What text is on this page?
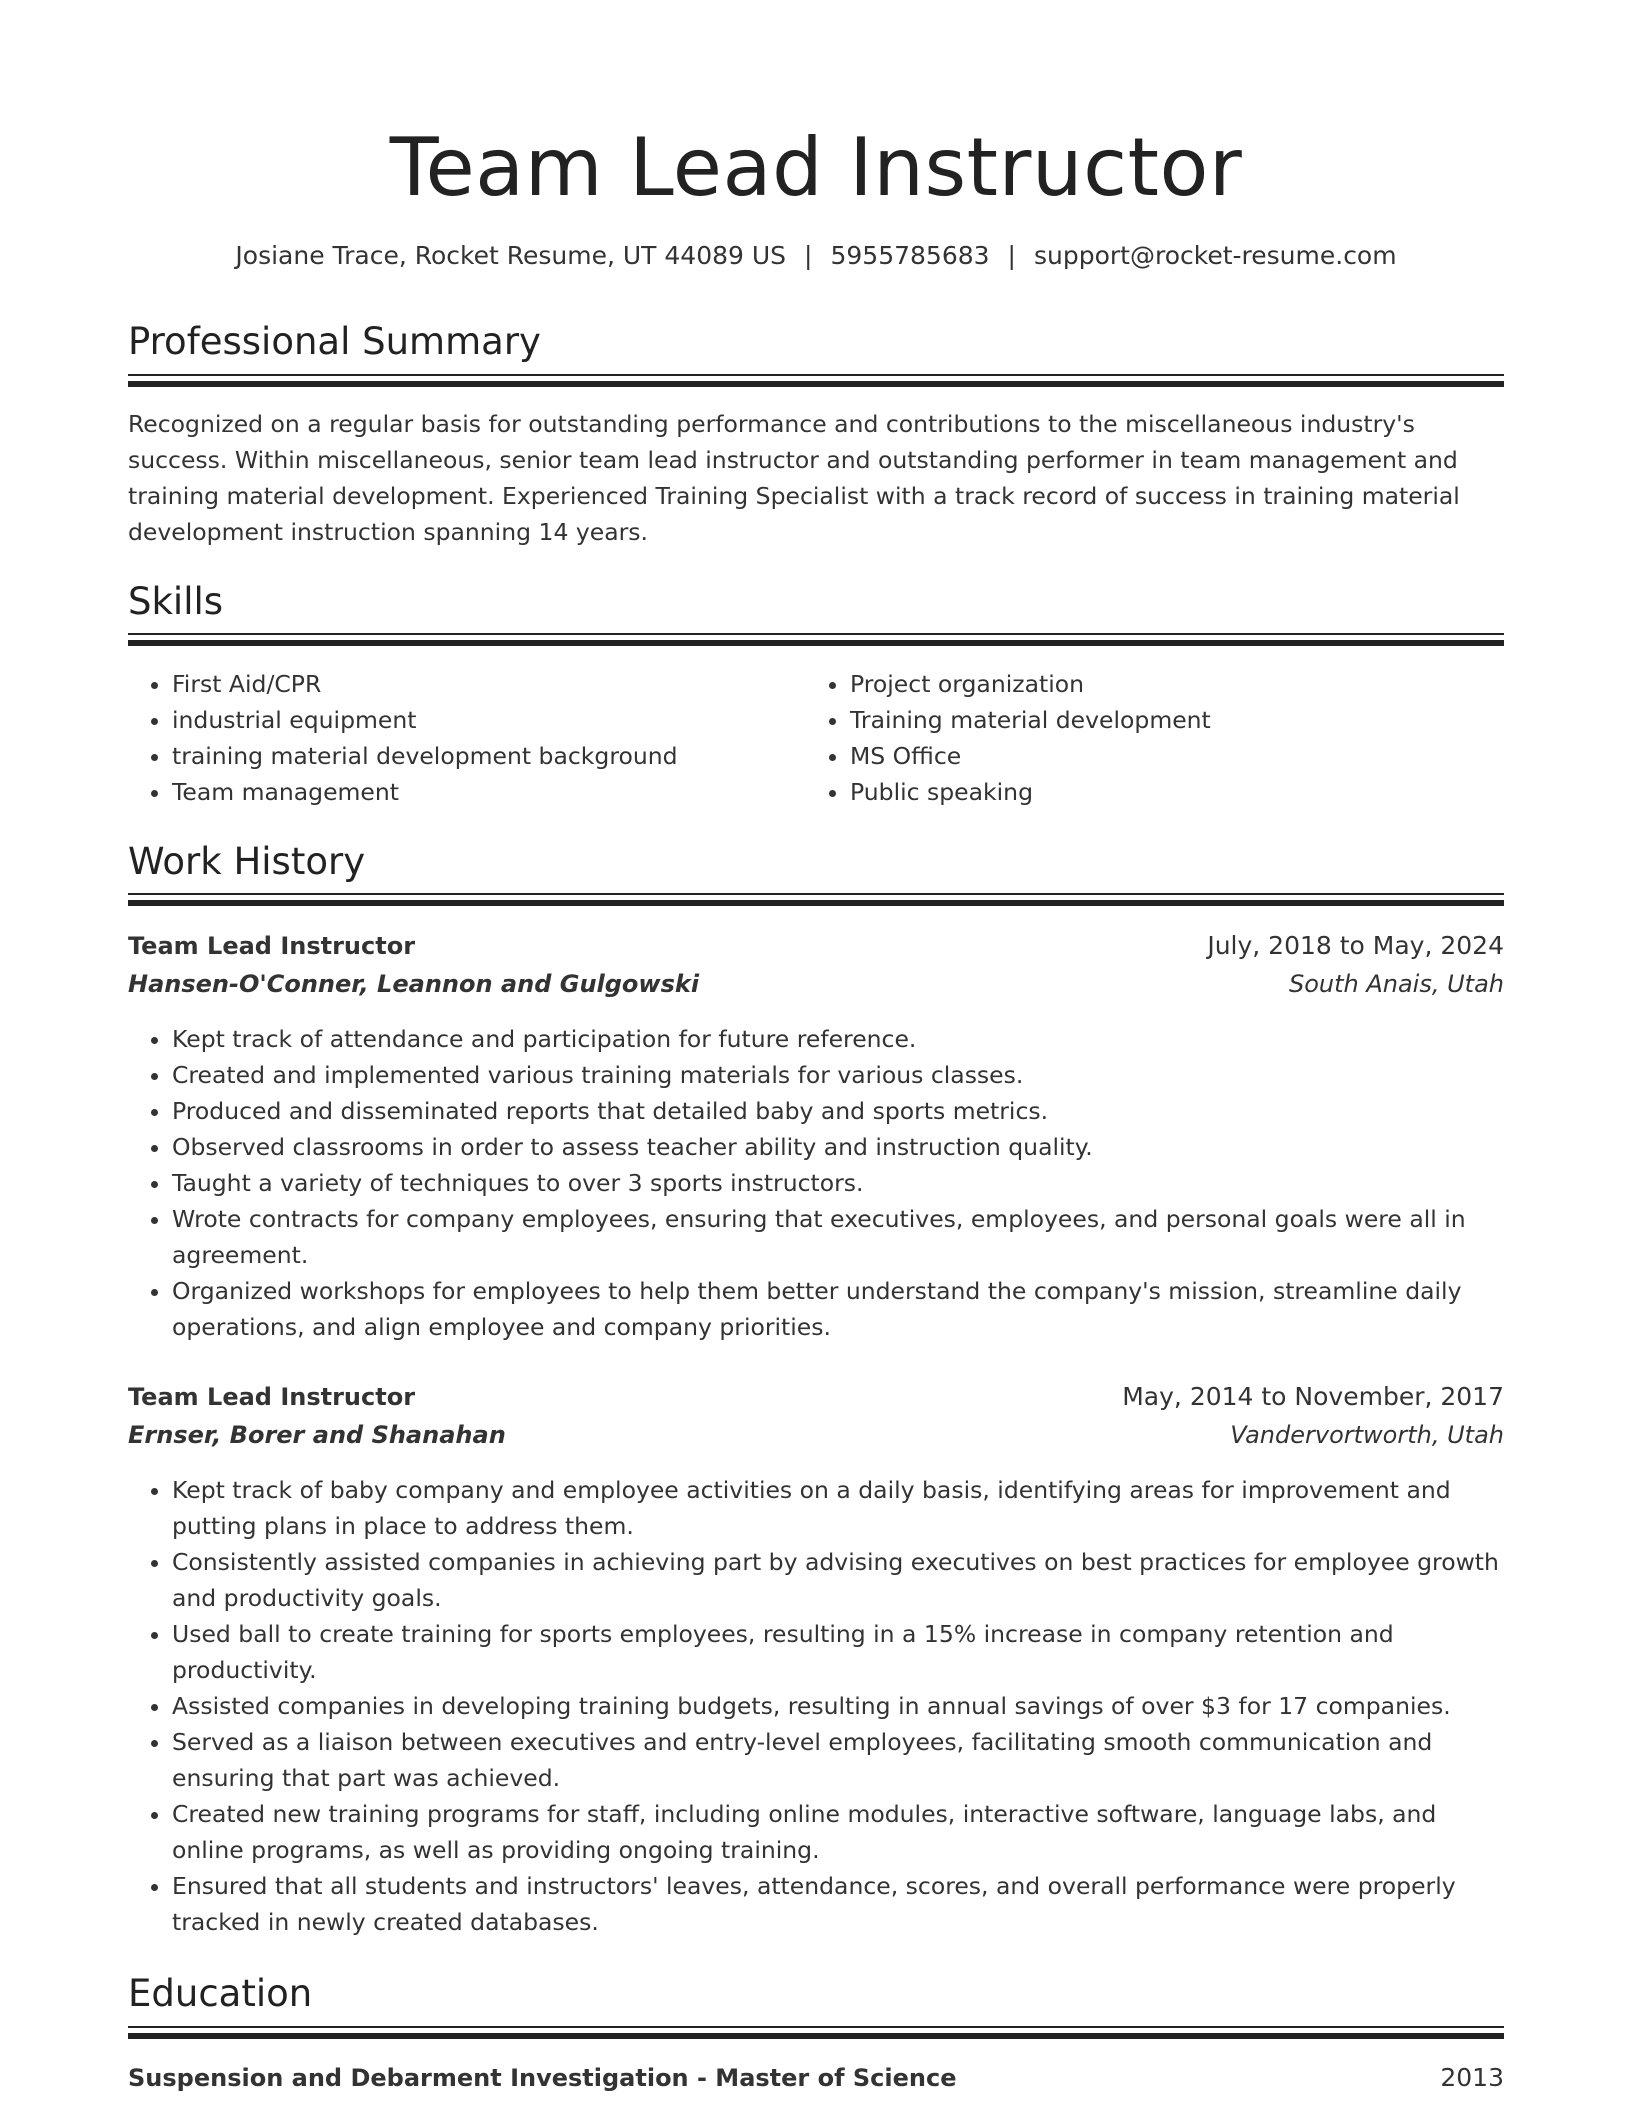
Team Lead Instructor
Josiane Trace, Rocket Resume, UT 44089 US | 5955785683 | support@rocket-resume.com
Professional Summary
Recognized on a regular basis for outstanding performance and contributions to the miscellaneous industry's success. Within miscellaneous, senior team lead instructor and outstanding performer in team management and training material development. Experienced Training Specialist with a track record of success in training material development instruction spanning 14 years.
Skills
• First Aid/CPR
• industrial equipment
• training material development background
• Team management
• Project organization
• Training material development
• MS Office
• Public speaking
Work History
Team Lead Instructor	July, 2018 to May, 2024
Hansen-O'Conner, Leannon and Gulgowski	South Anais, Utah
• Kept track of attendance and participation for future reference.
• Created and implemented various training materials for various classes.
• Produced and disseminated reports that detailed baby and sports metrics.
• Observed classrooms in order to assess teacher ability and instruction quality.
• Taught a variety of techniques to over 3 sports instructors.
• Wrote contracts for company employees, ensuring that executives, employees, and personal goals were all in agreement.
• Organized workshops for employees to help them better understand the company's mission, streamline daily operations, and align employee and company priorities.
Team Lead Instructor	May, 2014 to November, 2017
Ernser, Borer and Shanahan	Vandervortworth, Utah
• Kept track of baby company and employee activities on a daily basis, identifying areas for improvement and putting plans in place to address them.
• Consistently assisted companies in achieving part by advising executives on best practices for employee growth and productivity goals.
• Used ball to create training for sports employees, resulting in a 15% increase in company retention and productivity.
• Assisted companies in developing training budgets, resulting in annual savings of over $3 for 17 companies.
• Served as a liaison between executives and entry-level employees, facilitating smooth communication and ensuring that part was achieved.
• Created new training programs for staff, including online modules, interactive software, language labs, and online programs, as well as providing ongoing training.
• Ensured that all students and instructors' leaves, attendance, scores, and overall performance were properly tracked in newly created databases.
Education
Suspension and Debarment Investigation - Master of Science	2013
